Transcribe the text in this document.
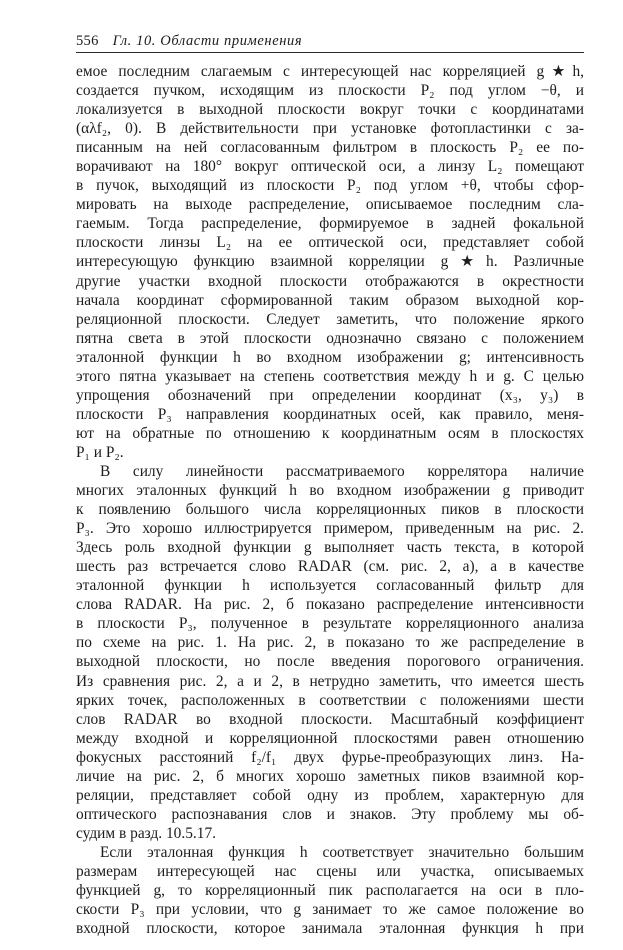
556 Гл. 10. Области применения
емое последним слагаемым с интересующей нас корреляцией g★h,
создается пучком, исходящим из плоскости P₂ под углом −θ, и
локализуется в выходной плоскости вокруг точки с координатами
(αλf₂, 0). В действительности при установке фотопластинки с за-
писанным на ней согласованным фильтром в плоскость P₂ ее по-
ворачивают на 180° вокруг оптической оси, а линзу L₂ помещают
в пучок, выходящий из плоскости P₂ под углом +θ, чтобы сфор-
мировать на выходе распределение, описываемое последним сла-
гаемым. Тогда распределение, формируемое в задней фокальной
плоскости линзы L₂ на ее оптической оси, представляет собой
интересующую функцию взаимной корреляции g★h. Различные
другие участки входной плоскости отображаются в окрестности
начала координат сформированной таким образом выходной кор-
реляционной плоскости. Следует заметить, что положение яркого
пятна света в этой плоскости однозначно связано с положением
эталонной функции h во входном изображении g; интенсивность
этого пятна указывает на степень соответствия между h и g. С целью
упрощения обозначений при определении координат (x₃, y₃) в
плоскости P₃ направления координатных осей, как правило, меня-
ют на обратные по отношению к координатным осям в плоскостях
P₁ и P₂.
В силу линейности рассматриваемого коррелятора наличие
многих эталонных функций h во входном изображении g приводит
к появлению большого числа корреляционных пиков в плоскости
P₃. Это хорошо иллюстрируется примером, приведенным на рис. 2.
Здесь роль входной функции g выполняет часть текста, в которой
шесть раз встречается слово RADAR (см. рис. 2, а), а в качестве
эталонной функции h используется согласованный фильтр для
слова RADAR. На рис. 2, б показано распределение интенсивности
в плоскости P₃, полученное в результате корреляционного анализа
по схеме на рис. 1. На рис. 2, в показано то же распределение в
выходной плоскости, но после введения порогового ограничения.
Из сравнения рис. 2, а и 2, в нетрудно заметить, что имеется шесть
ярких точек, расположенных в соответствии с положениями шести
слов RADAR во входной плоскости. Масштабный коэффициент
между входной и корреляционной плоскостями равен отношению
фокусных расстояний f₂/f₁ двух фурье-преобразующих линз. На-
личие на рис. 2, б многих хорошо заметных пиков взаимной кор-
реляции, представляет собой одну из проблем, характерную для
оптического распознавания слов и знаков. Эту проблему мы об-
судим в разд. 10.5.17.
Если эталонная функция h соответствует значительно большим
размерам интересующей нас сцены или участка, описываемых
функцией g, то корреляционный пик располагается на оси в пло-
скости P₃ при условии, что g занимает то же самое положение во
входной плоскости, которое занимала эталонная функция h при
